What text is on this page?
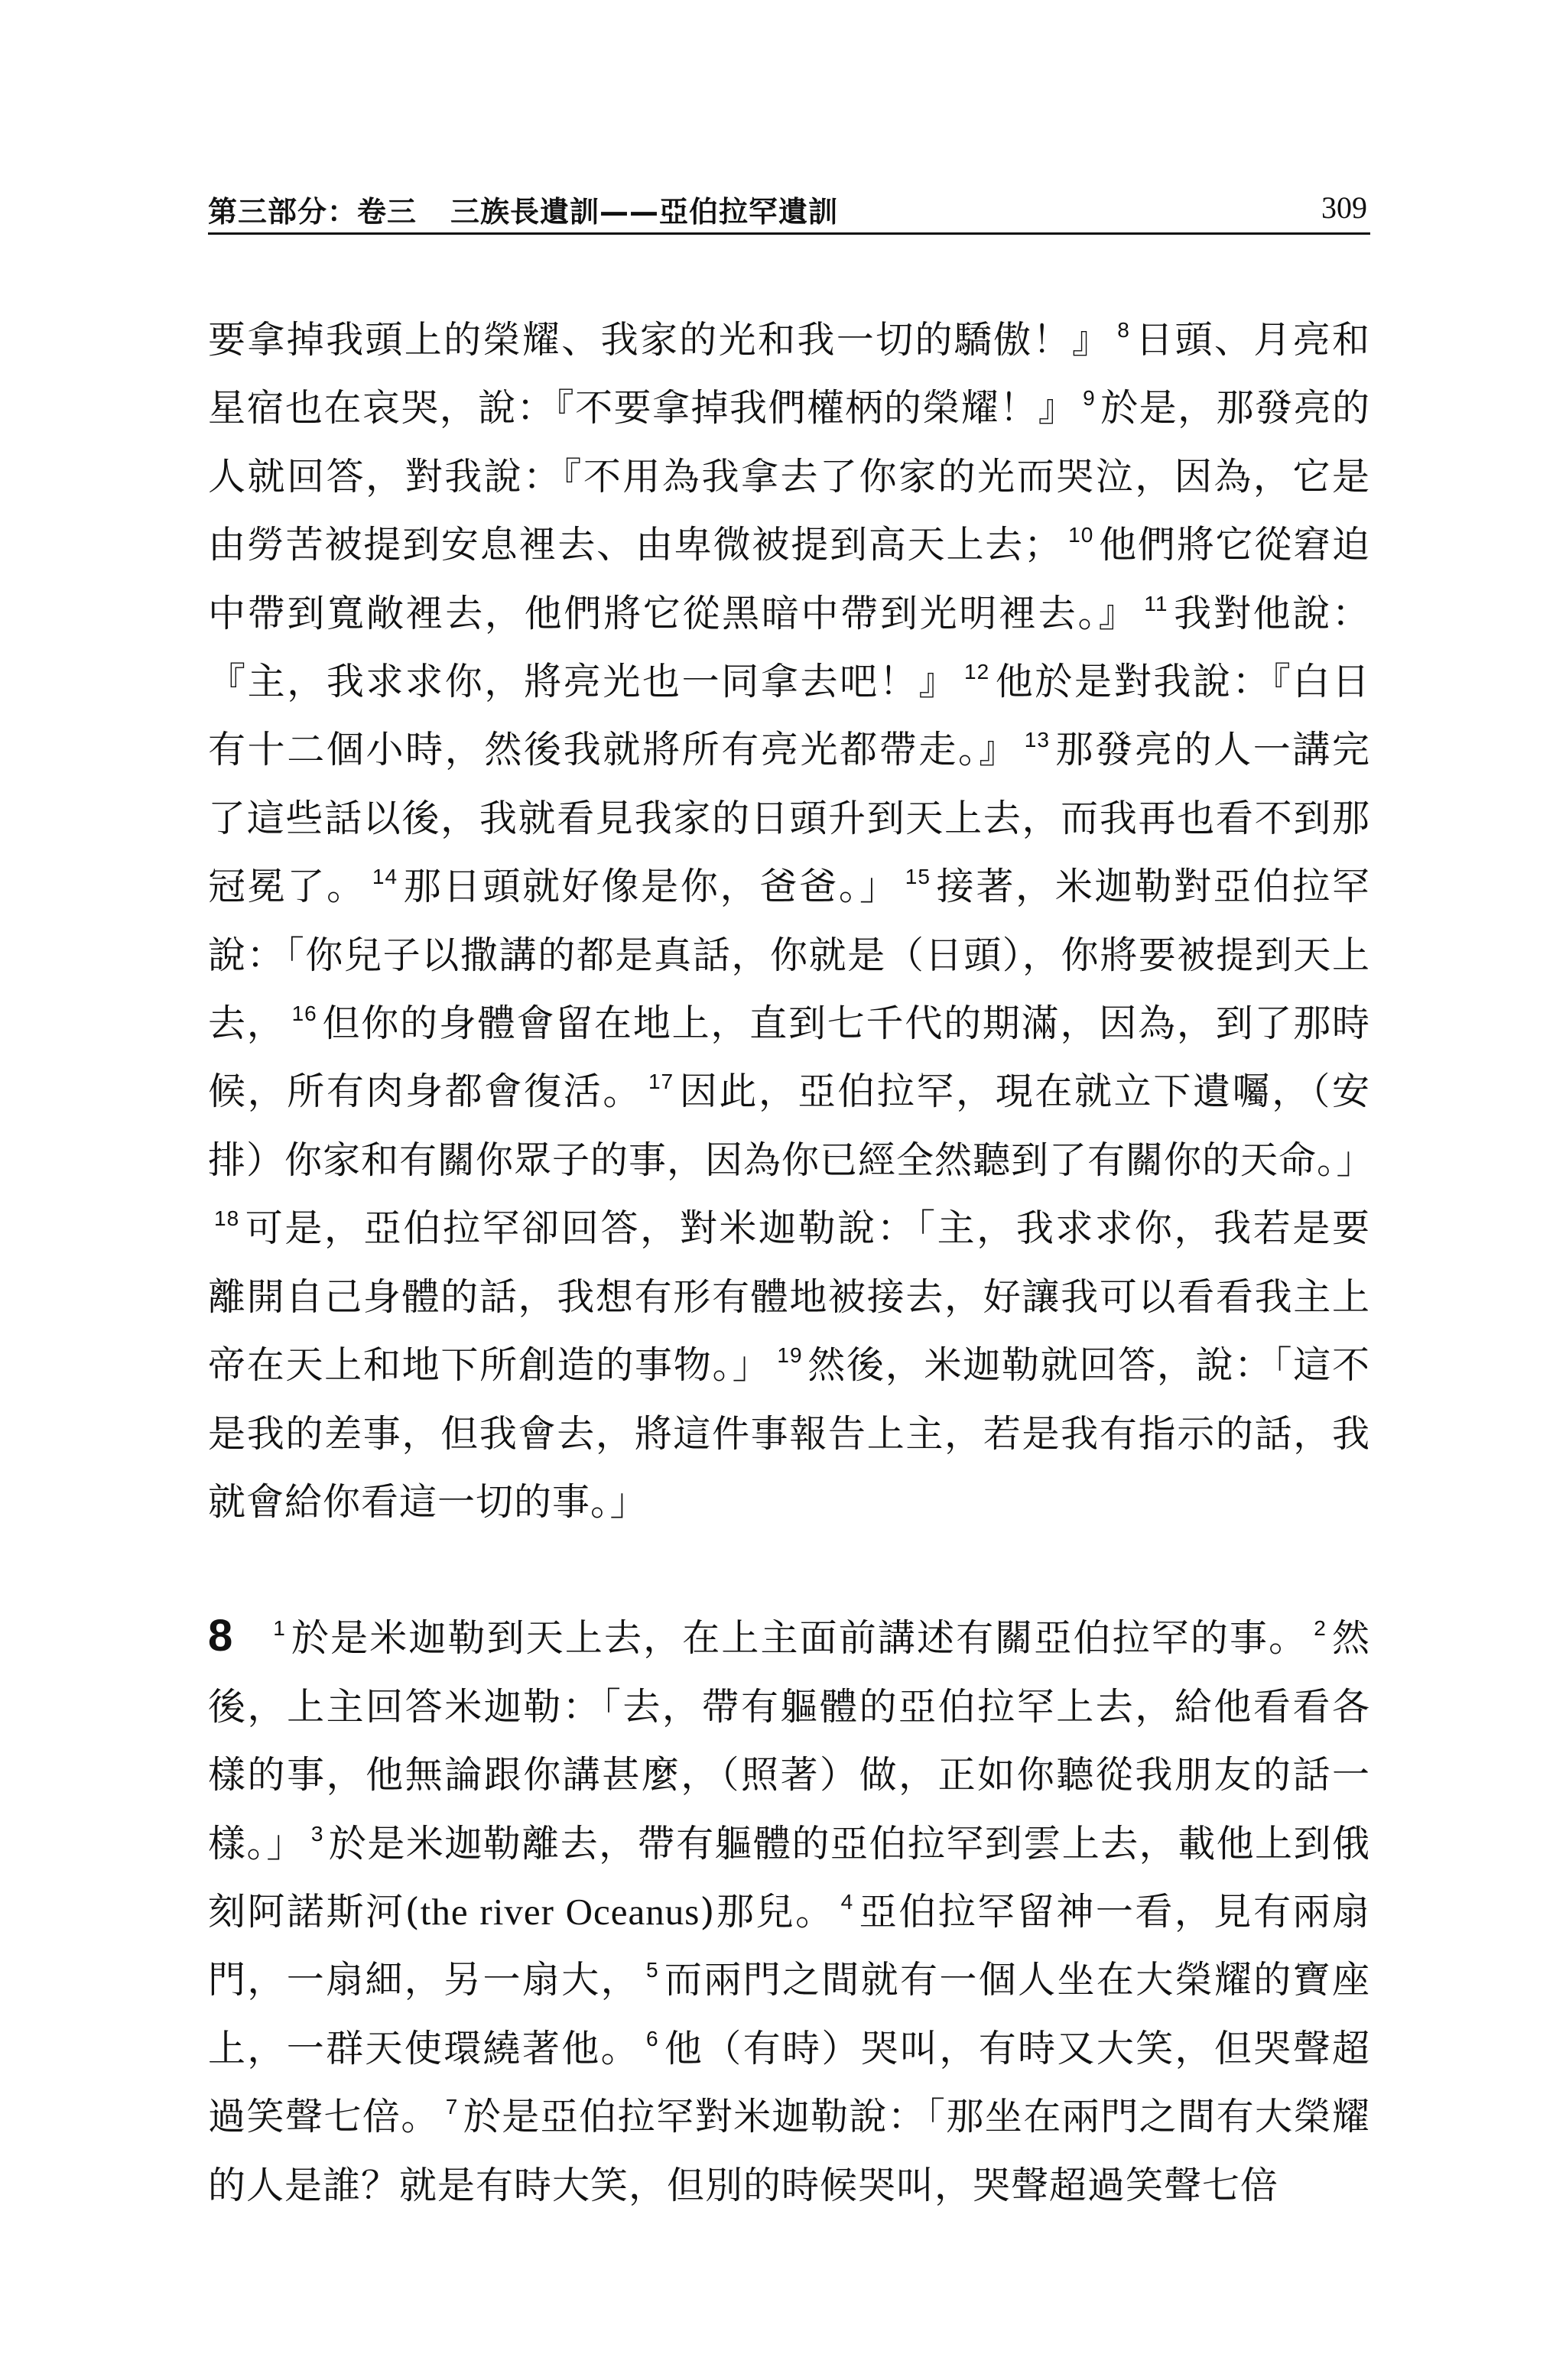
第三部分：卷三 三族長遺訓——亞伯拉罕遺訓	309

要拿掉我頭上的榮耀、我家的光和我一切的驕傲！』 $^8$ 日頭、月亮和星宿也在哀哭，說：『不要拿掉我們權柄的榮耀！』 $^9$ 於是，那發亮的人就回答，對我說：『不用為我拿去了你家的光而哭泣，因為，它是由勞苦被提到安息裡去、由卑微被提到高天上去； $^{10}$ 他們將它從窘迫中帶到寬敞裡去，他們將它從黑暗中帶到光明裡去。』 $^{11}$ 我對他說：『主，我求求你，將亮光也一同拿去吧！』 $^{12}$ 他於是對我說：『白日有十二個小時，然後我就將所有亮光都帶走。』 $^{13}$ 那發亮的人一講完了這些話以後，我就看見我家的日頭升到天上去，而我再也看不到那冠冕了。 $^{14}$ 那日頭就好像是你，爸爸。」 $^{15}$ 接著，米迦勒對亞伯拉罕說：「你兒子以撒講的都是真話，你就是（日頭），你將要被提到天上去， $^{16}$ 但你的身體會留在地上，直到七千代的期滿，因為，到了那時候，所有肉身都會復活。 $^{17}$ 因此，亞伯拉罕，現在就立下遺囑，（安排）你家和有關你眾子的事，因為你已經全然聽到了有關你的天命。」$^{18}$ 可是，亞伯拉罕卻回答，對米迦勒說：「主，我求求你，我若是要離開自己身體的話，我想有形有體地被接去，好讓我可以看看我主上帝在天上和地下所創造的事物。」 $^{19}$ 然後，米迦勒就回答，說：「這不是我的差事，但我會去，將這件事報告上主，若是我有指示的話，我就會給你看這一切的事。」

8 $^1$ 於是米迦勒到天上去，在上主面前講述有關亞伯拉罕的事。 $^2$ 然後，上主回答米迦勒：「去，帶有軀體的亞伯拉罕上去，給他看看各樣的事，他無論跟你講甚麼，（照著）做，正如你聽從我朋友的話一樣。」 $^3$ 於是米迦勒離去，帶有軀體的亞伯拉罕到雲上去，載他上到俄刻阿諾斯河(the river Oceanus)那兒。 $^4$ 亞伯拉罕留神一看，見有兩扇門，一扇細，另一扇大， $^5$ 而兩門之間就有一個人坐在大榮耀的寶座上，一群天使環繞著他。 $^6$ 他（有時）哭叫，有時又大笑，但哭聲超過笑聲七倍。 $^7$ 於是亞伯拉罕對米迦勒說：「那坐在兩門之間有大榮耀的人是誰？就是有時大笑，但別的時候哭叫，哭聲超過笑聲七倍
